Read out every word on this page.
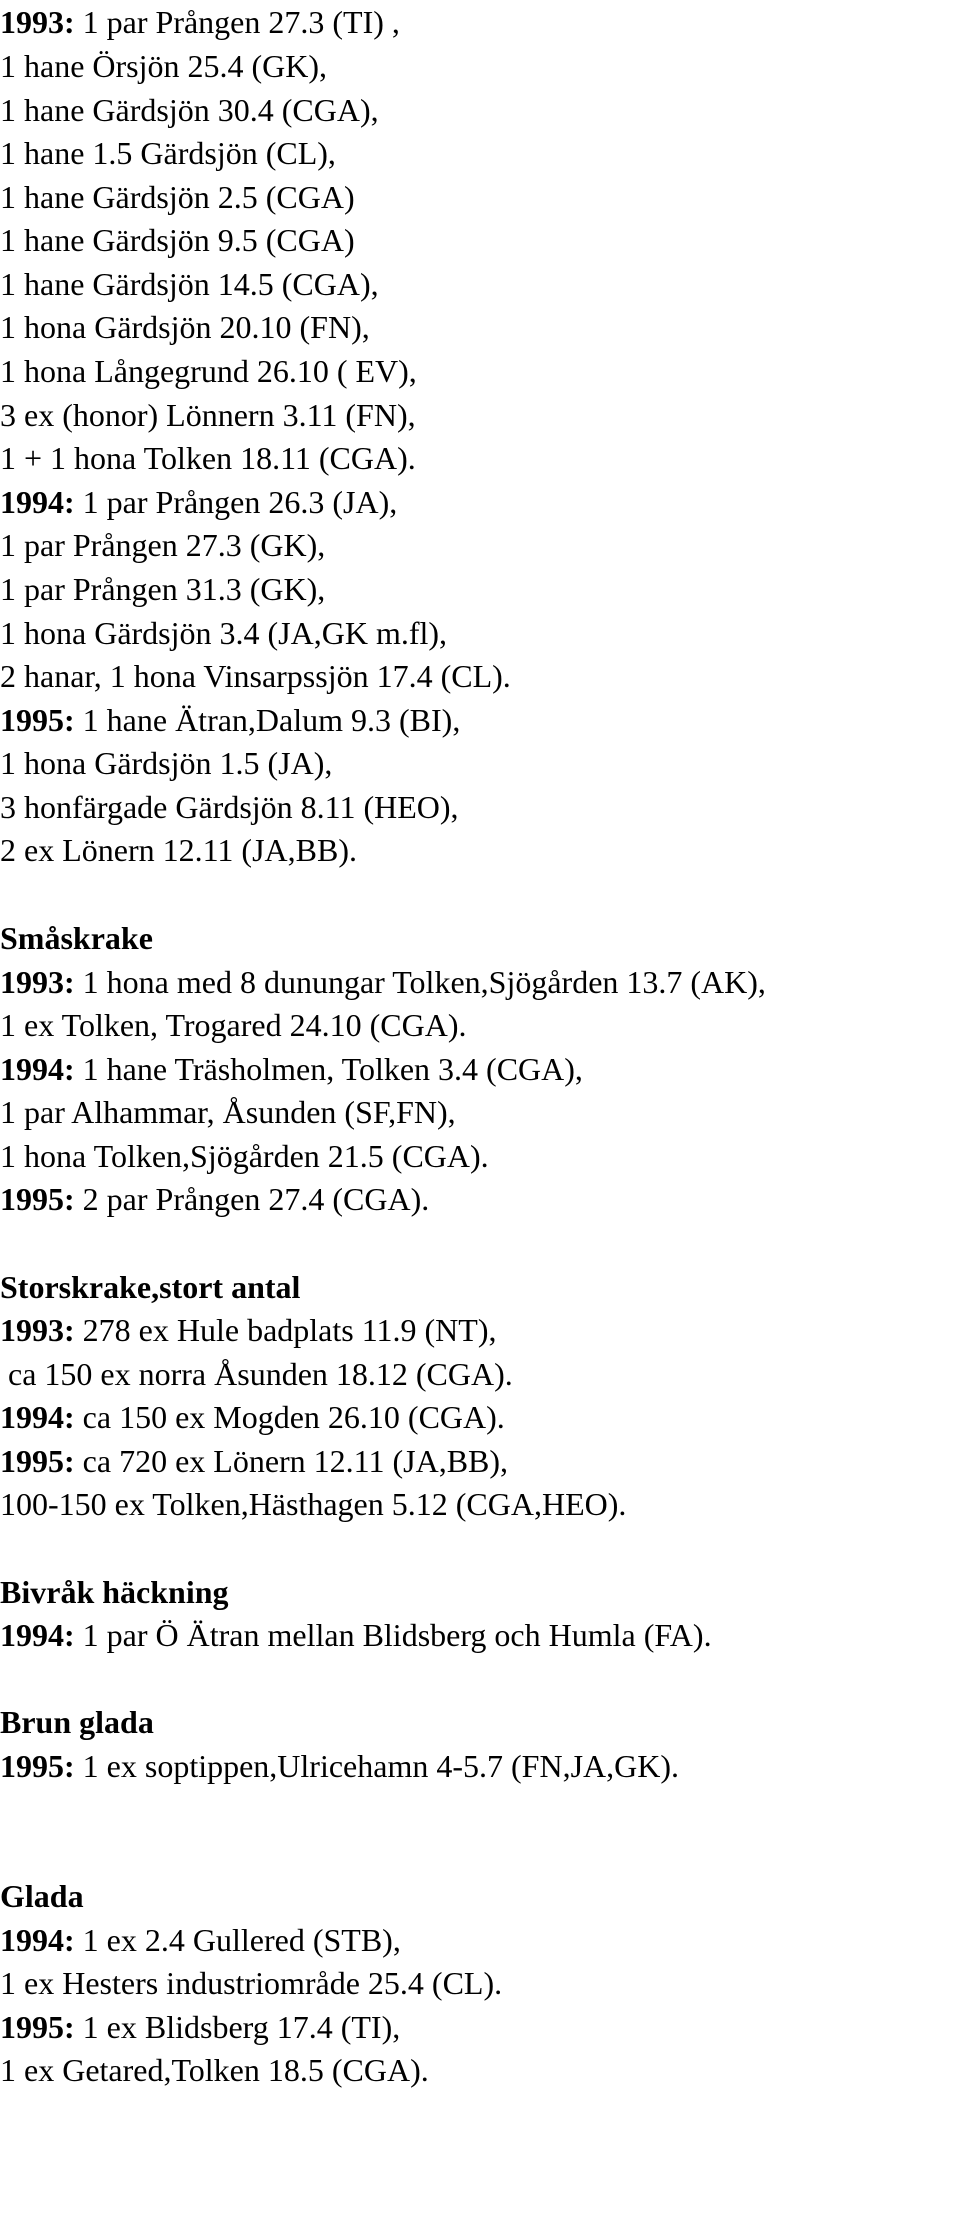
1993: 1 par Prången 27.3 (TI) ,
1 hane Örsjön 25.4 (GK),
1 hane Gärdsjön 30.4 (CGA),
1 hane 1.5 Gärdsjön (CL),
1 hane Gärdsjön 2.5 (CGA)
1 hane Gärdsjön 9.5 (CGA)
1 hane Gärdsjön 14.5 (CGA),
1 hona Gärdsjön 20.10 (FN),
1 hona Långegrund 26.10 ( EV),
3 ex (honor) Lönnern 3.11 (FN),
1 + 1 hona Tolken 18.11 (CGA).
1994: 1 par Prången 26.3 (JA),
1 par Prången 27.3 (GK),
1 par Prången 31.3 (GK),
1 hona Gärdsjön 3.4 (JA,GK m.fl),
2 hanar, 1 hona Vinsarpssjön 17.4 (CL).
1995: 1 hane Ätran,Dalum 9.3 (BI),
1 hona Gärdsjön 1.5 (JA),
3 honfärgade Gärdsjön 8.11 (HEO),
2 ex Lönern 12.11 (JA,BB).
Småskrake
1993: 1 hona med 8 dunungar Tolken,Sjögården 13.7 (AK),
1 ex Tolken, Trogared 24.10 (CGA).
1994: 1 hane Träsholmen, Tolken 3.4 (CGA),
1 par Alhammar, Åsunden (SF,FN),
1 hona Tolken,Sjögården 21.5 (CGA).
1995: 2 par Prången 27.4 (CGA).
Storskrake,stort antal
1993: 278 ex Hule badplats 11.9 (NT),
ca 150 ex norra Åsunden 18.12 (CGA).
1994: ca 150 ex Mogden 26.10 (CGA).
1995: ca 720 ex Lönern 12.11 (JA,BB),
100-150 ex Tolken,Hästhagen 5.12 (CGA,HEO).
Bivråk häckning
1994: 1 par Ö Ätran mellan Blidsberg och Humla (FA).
Brun glada
1995: 1 ex soptippen,Ulricehamn 4-5.7 (FN,JA,GK).
Glada
1994: 1 ex 2.4 Gullered (STB),
1 ex Hesters industriområde 25.4 (CL).
1995: 1 ex Blidsberg 17.4 (TI),
1 ex Getared,Tolken 18.5 (CGA).
